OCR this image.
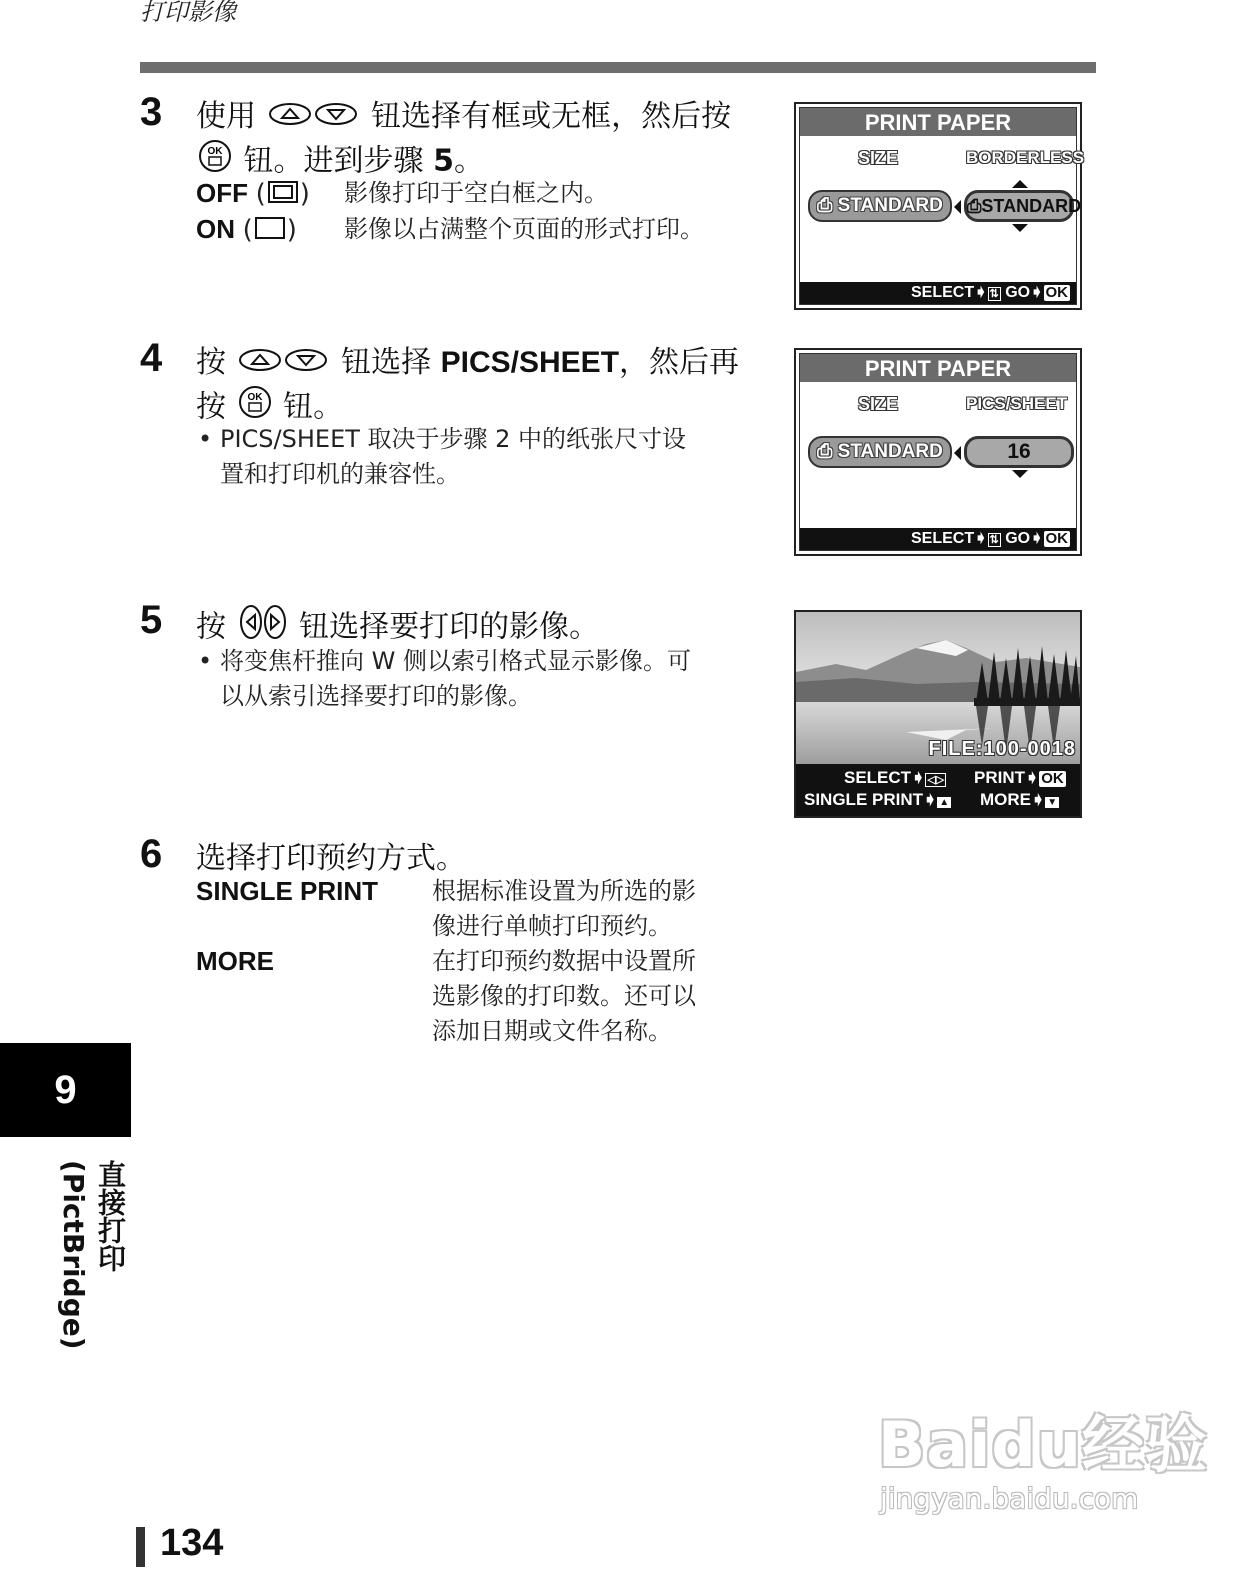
打印影像
3 使用	钮选择有框或无框，然后按

OK 钮。进到步骤 5。
OFF ( ) 影像打印于空白框之内。
ON ( ) 影像以占满整个页面的形式打印。
PRINT PAPER
SIZE	BORDERLESS
⎙ STANDARD	⎙STANDARD
SELECT➧ ⇅ GO➧ OK
4 按	钮选择 PICS/SHEET，然后再
按 OK 钮。
• PICS/SHEET 取决于步骤 2 中的纸张尺寸设
置和打印机的兼容性。
PRINT PAPER
SIZE	PICS/SHEET
⎙ STANDARD	16
SELECT➧ ⇅ GO➧ OK
5 按 钮选择要打印的影像。
• 将变焦杆推向 W 侧以索引格式显示影像。可
以从索引选择要打印的影像。
FILE:100-0018
SELECT➧ ◁▷ PRINT➧ OK
SINGLE PRINT➧ ▲ MORE➧ ▼
6 选择打印预约方式。
SINGLE PRINT 根据标准设置为所选的影
像进行单帧打印预约。
MORE	在打印预约数据中设置所
选影像的打印数。还可以
添加日期或文件名称。
9
直接打印 (PictBridge)
134
Baidu经验
jingyan.baidu.com
